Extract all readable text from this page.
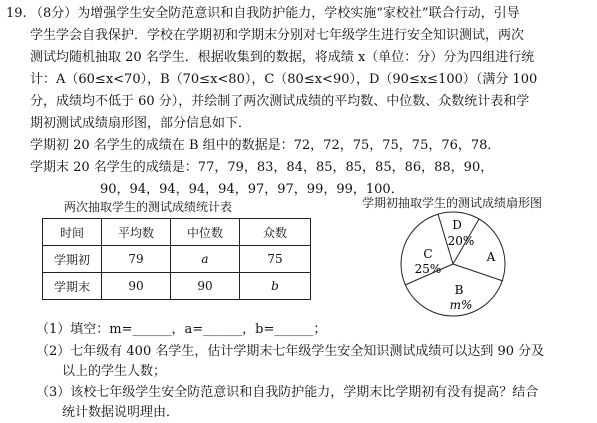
19. （8分）为增强学生安全防范意识和自我防护能力，学校实施“家校社”联合行动，引导
学生学会自我保护．学校在学期初和学期末分别对七年级学生进行安全知识测试，两次
测试均随机抽取 20 名学生．根据收集到的数据，将成绩 x（单位：分）分为四组进行统
计：A（60≤x<70），B（70≤x<80），C（80≤x<90），D（90≤x≤100）（满分 100
分，成绩均不低于 60 分），并绘制了两次测试成绩的平均数、中位数、众数统计表和学
期初测试成绩扇形图，部分信息如下．
学期初 20 名学生的成绩在 B 组中的数据是：72，72，75，75，75，76，78．
学期末 20 名学生的成绩是：77，79，83，84，85，85，85，86，88，90，
90，94，94，94，94，97，97，99，99，100．
两次抽取学生的测试成绩统计表	学期初抽取学生的测试成绩扇形图
时间	平均数	中位数	众数
学期初	79	a	75
学期末	90	90	b
D
20%
A
B
m%
C
25%
（1）填空：m=______，a=______，b=______；
（2）七年级有 400 名学生，估计学期末七年级学生安全知识测试成绩可以达到 90 分及
以上的学生人数；
（3）该校七年级学生安全防范意识和自我防护能力，学期末比学期初有没有提高？结合
统计数据说明理由．
